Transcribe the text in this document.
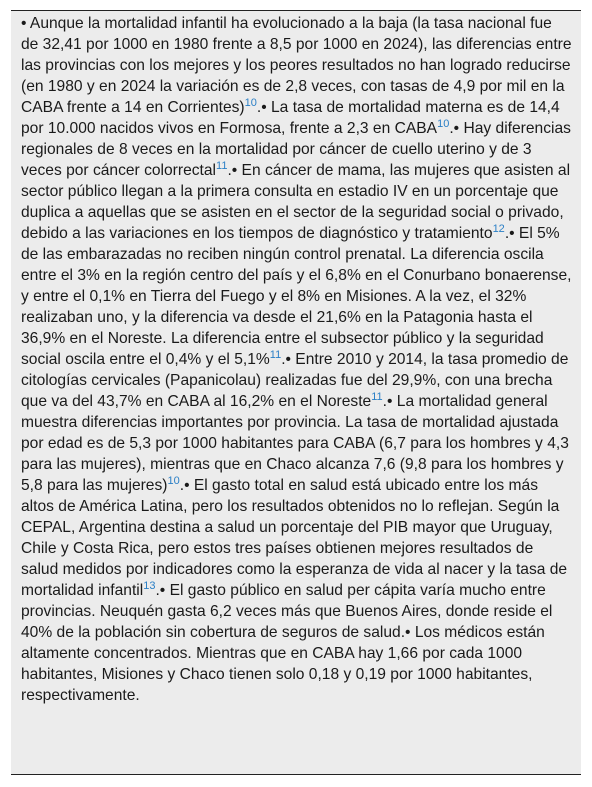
• Aunque la mortalidad infantil ha evolucionado a la baja (la tasa nacional fue de 32,41 por 1000 en 1980 frente a 8,5 por 1000 en 2024), las diferencias entre las provincias con los mejores y los peores resultados no han logrado reducirse (en 1980 y en 2024 la variación es de 2,8 veces, con tasas de 4,9 por mil en la CABA frente a 14 en Corrientes)$^{10}$.• La tasa de mortalidad materna es de 14,4 por 10.000 nacidos vivos en Formosa, frente a 2,3 en CABA$^{10}$.• Hay diferencias regionales de 8 veces en la mortalidad por cáncer de cuello uterino y de 3 veces por cáncer colorrectal$^{11}$.• En cáncer de mama, las mujeres que asisten al sector público llegan a la primera consulta en estadio IV en un porcentaje que duplica a aquellas que se asisten en el sector de la seguridad social o privado, debido a las variaciones en los tiempos de diagnóstico y tratamiento$^{12}$.• El 5% de las embarazadas no reciben ningún control prenatal. La diferencia oscila entre el 3% en la región centro del país y el 6,8% en el Conurbano bonaerense, y entre el 0,1% en Tierra del Fuego y el 8% en Misiones. A la vez, el 32% realizaban uno, y la diferencia va desde el 21,6% en la Patagonia hasta el 36,9% en el Noreste. La diferencia entre el subsector público y la seguridad social oscila entre el 0,4% y el 5,1%$^{11}$.• Entre 2010 y 2014, la tasa promedio de citologías cervicales (Papanicolau) realizadas fue del 29,9%, con una brecha que va del 43,7% en CABA al 16,2% en el Noreste$^{11}$.• La mortalidad general muestra diferencias importantes por provincia. La tasa de mortalidad ajustada por edad es de 5,3 por 1000 habitantes para CABA (6,7 para los hombres y 4,3 para las mujeres), mientras que en Chaco alcanza 7,6 (9,8 para los hombres y 5,8 para las mujeres)$^{10}$.• El gasto total en salud está ubicado entre los más altos de América Latina, pero los resultados obtenidos no lo reflejan. Según la CEPAL, Argentina destina a salud un porcentaje del PIB mayor que Uruguay, Chile y Costa Rica, pero estos tres países obtienen mejores resultados de salud medidos por indicadores como la esperanza de vida al nacer y la tasa de mortalidad infantil$^{13}$.• El gasto público en salud per cápita varía mucho entre provincias. Neuquén gasta 6,2 veces más que Buenos Aires, donde reside el 40% de la población sin cobertura de seguros de salud.• Los médicos están altamente concentrados. Mientras que en CABA hay 1,66 por cada 1000 habitantes, Misiones y Chaco tienen solo 0,18 y 0,19 por 1000 habitantes, respectivamente.
